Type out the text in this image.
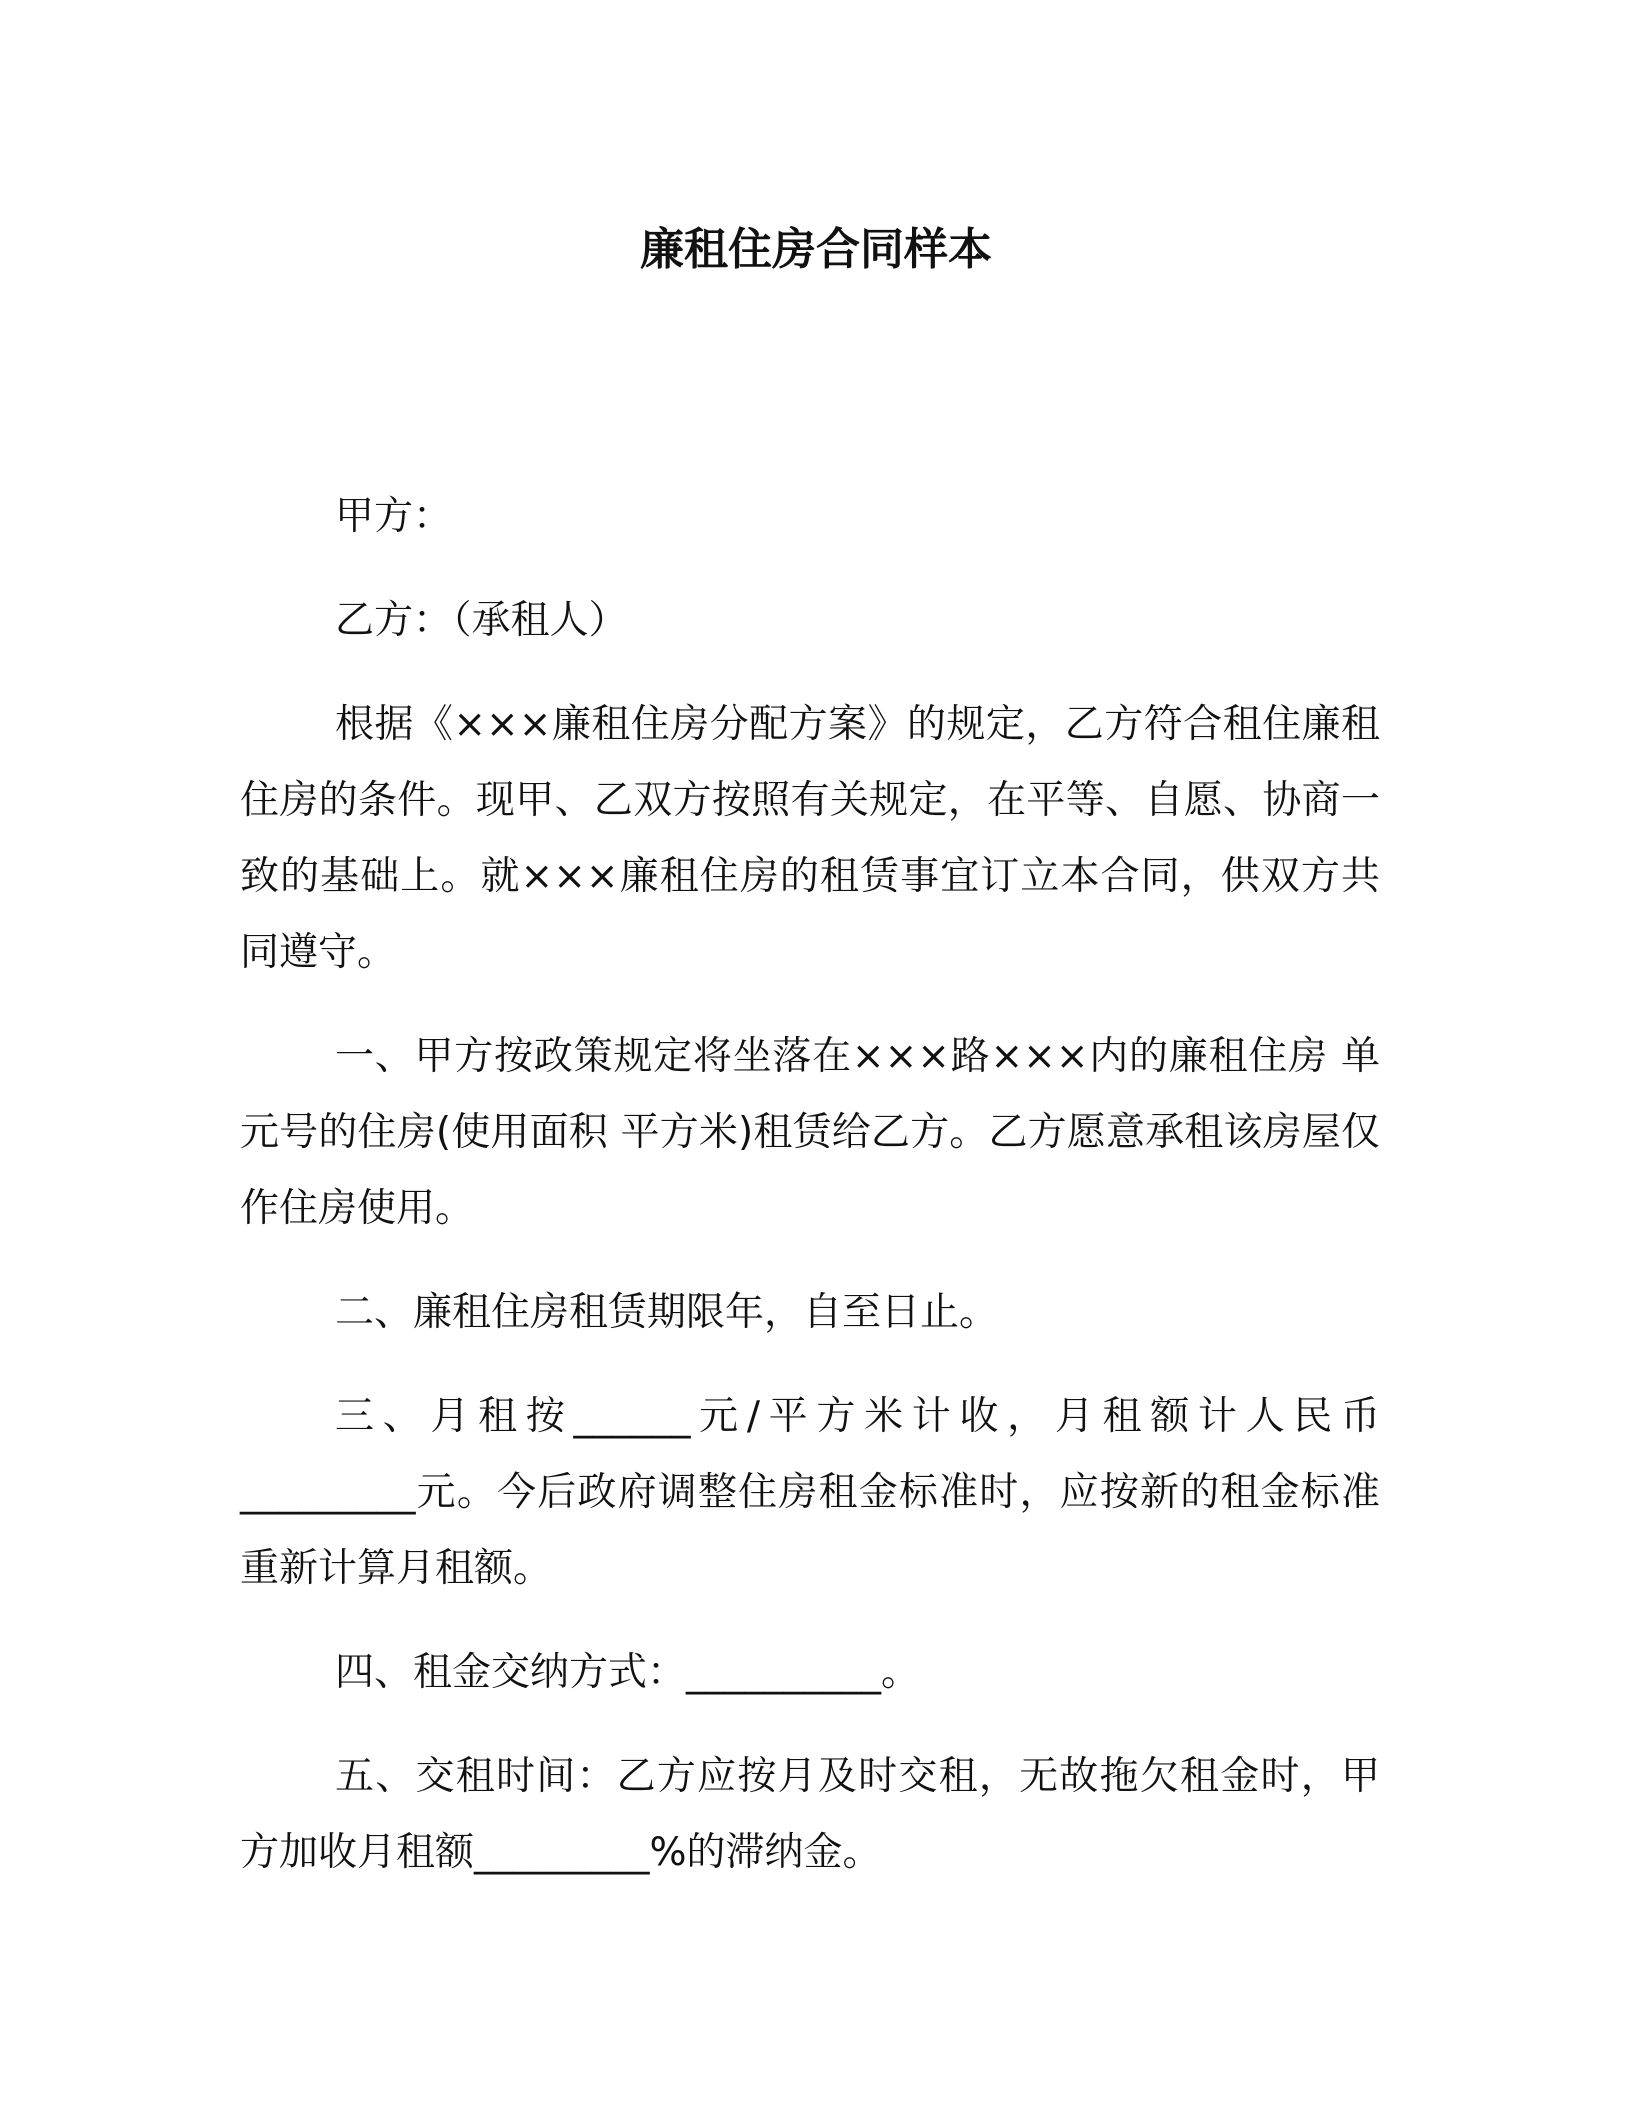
廉租住房合同样本

甲方：

乙方：（承租人）

根据《×××廉租住房分配方案》的规定，乙方符合租住廉租住房的条件。现甲、乙双方按照有关规定，在平等、自愿、协商一致的基础上。就×××廉租住房的租赁事宜订立本合同，供双方共同遵守。

一、甲方按政策规定将坐落在×××路×××内的廉租住房 单元号的住房(使用面积 平方米)租赁给乙方。乙方愿意承租该房屋仅作住房使用。

二、廉租住房租赁期限年，自至日止。

三、月租按______元/平方米计收，月租额计人民币_________元。今后政府调整住房租金标准时，应按新的租金标准重新计算月租额。

四、租金交纳方式：__________。

五、交租时间：乙方应按月及时交租，无故拖欠租金时，甲方加收月租额_________%的滞纳金。
